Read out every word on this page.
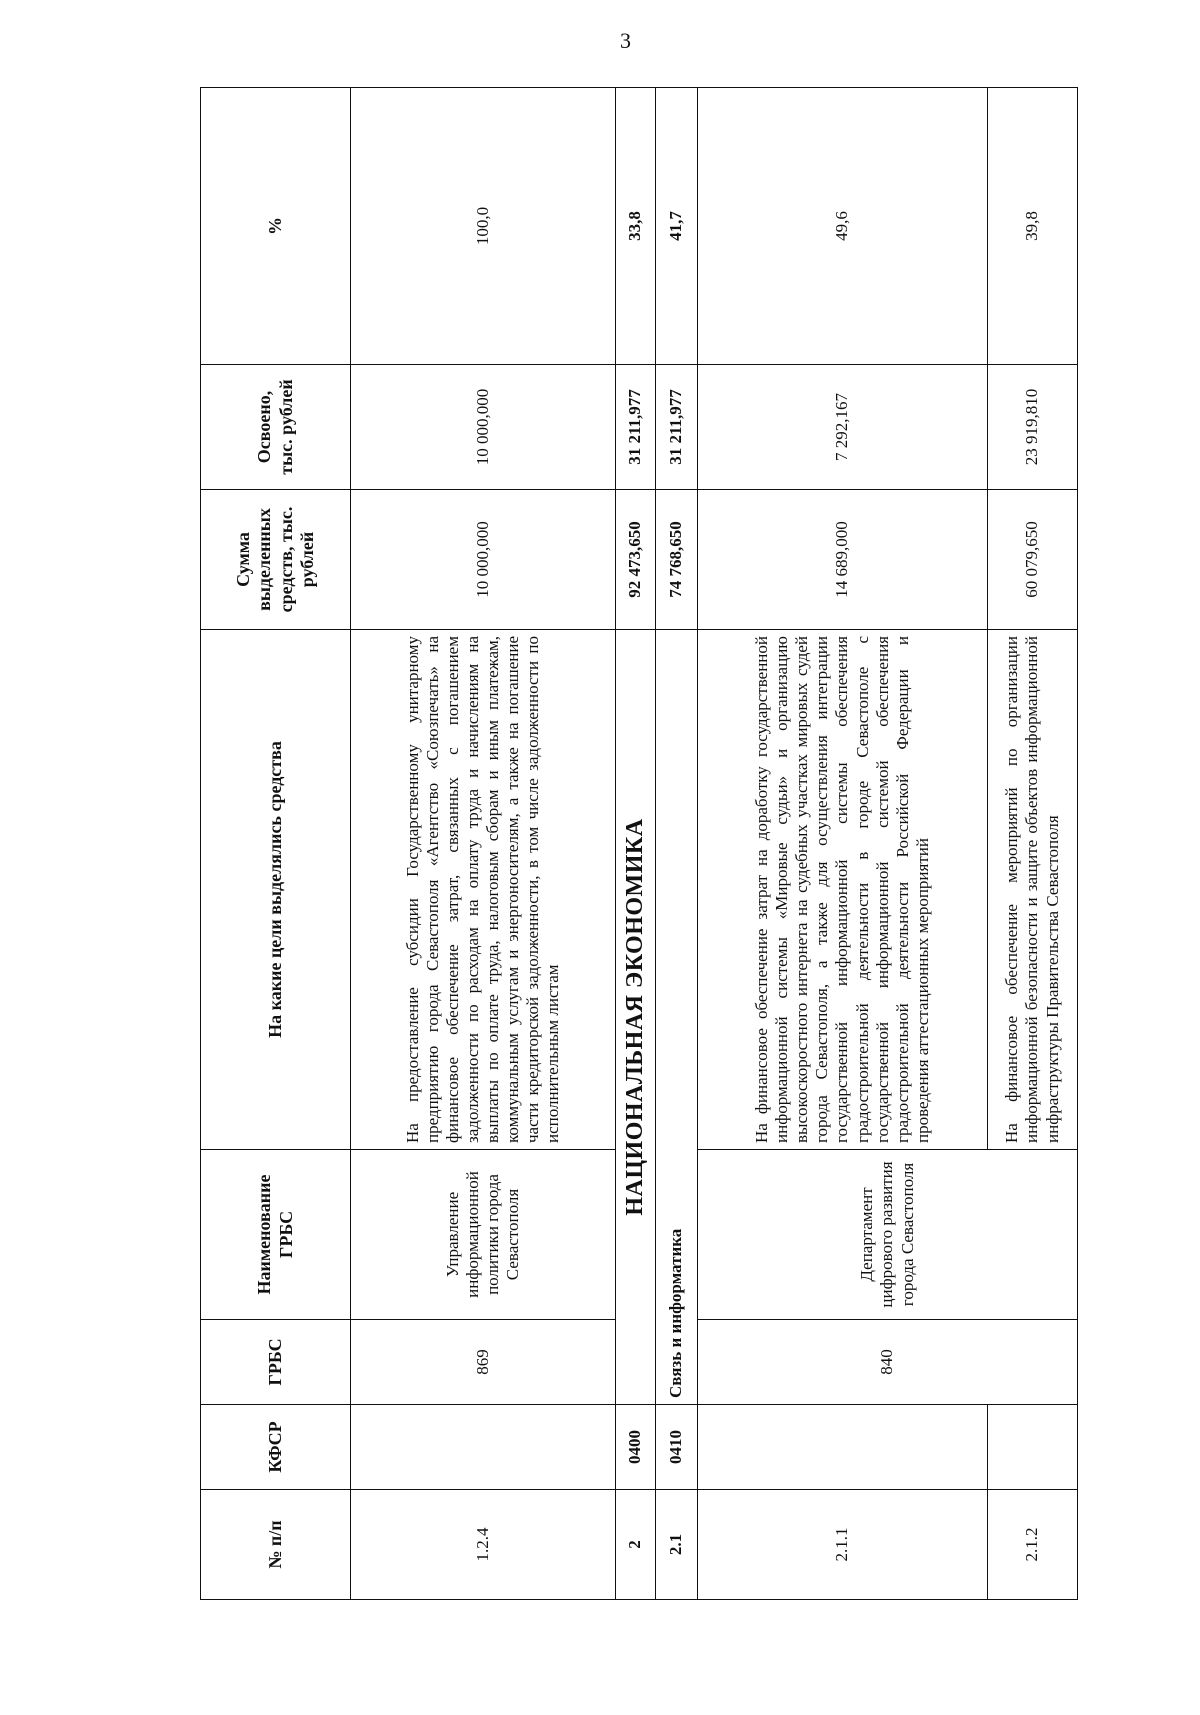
3
№ п/п	КФСР	ГРБС	Наименование ГРБС	На какие цели выделялись средства	Сумма выделенных средств, тыс. рублей	Освоено, тыс. рублей	%
1.2.4		869	Управление информационной политики города Севастополя	На предоставление субсидии Государственному унитарному предприятию города Севастополя «Агентство «Союзпечать» на финансовое обеспечение затрат, связанных с погашением задолженности по расходам на оплату труда и начислениям на выплаты по оплате труда, налоговым сборам и иным платежам, коммунальным услугам и энергоносителям, а также на погашение части кредиторской задолженности, в том числе задолженности по исполнительным листам	10 000,000	10 000,000	100,0
2	0400	НАЦИОНАЛЬНАЯ ЭКОНОМИКА			92 473,650	31 211,977	33,8
2.1	0410	Связь и информатика			74 768,650	31 211,977	41,7
2.1.1		840	Департамент цифрового развития города Севастополя	На финансовое обеспечение затрат на доработку государственной информационной системы «Мировые судьи» и организацию высокоскоростного интернета на судебных участках мировых судей города Севастополя, а также для осуществления интеграции государственной информационной системы обеспечения градостроительной деятельности в городе Севастополе с государственной информационной системой обеспечения градостроительной деятельности Российской Федерации и проведения аттестационных мероприятий	14 689,000	7 292,167	49,6
2.1.2				На финансовое обеспечение мероприятий по организации информационной безопасности и защите объектов информационной инфраструктуры Правительства Севастополя	60 079,650	23 919,810	39,8
